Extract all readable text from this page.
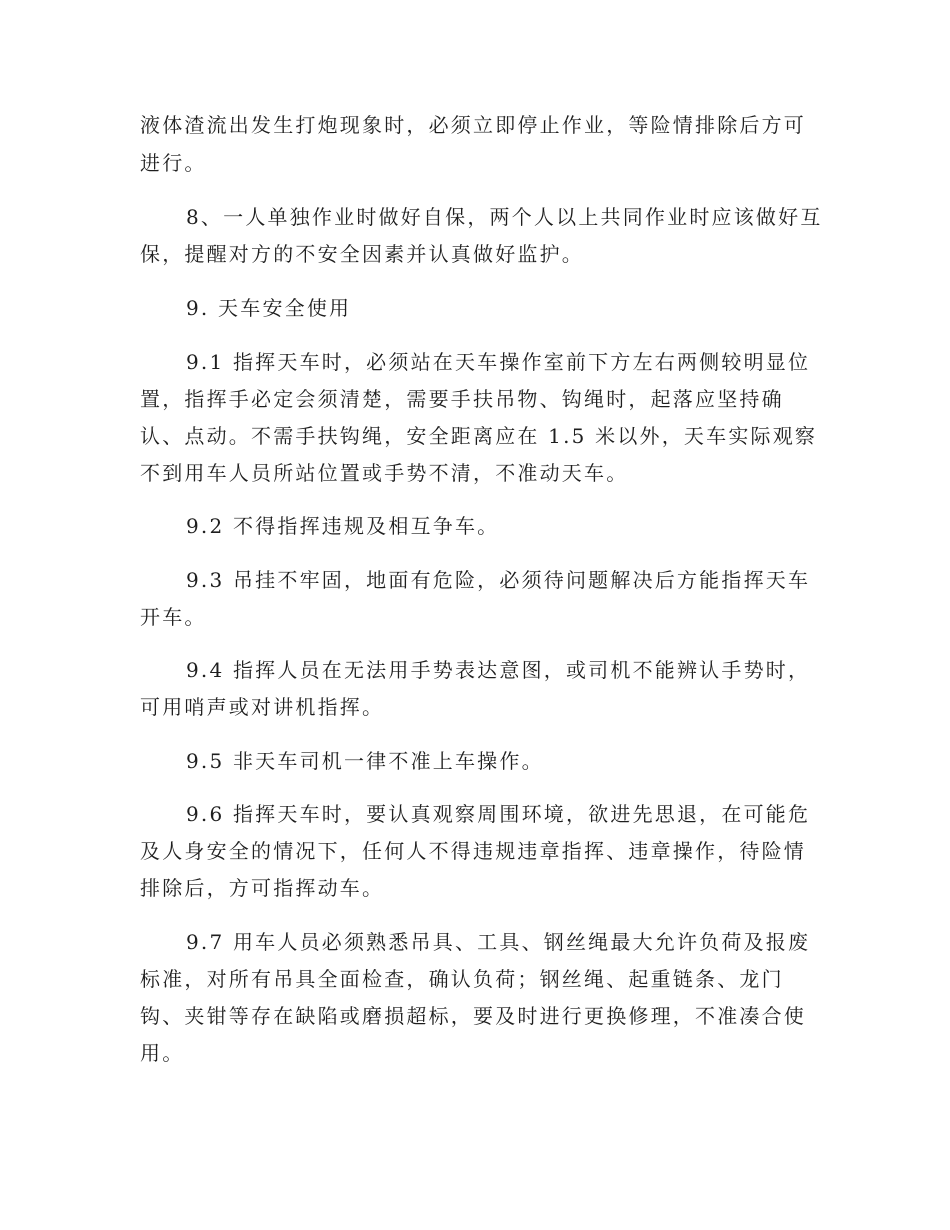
液体渣流出发生打炮现象时，必须立即停止作业，等险情排除后方可

进行。

8、一人单独作业时做好自保，两个人以上共同作业时应该做好互

保，提醒对方的不安全因素并认真做好监护。

9. 天车安全使用

9.1 指挥天车时，必须站在天车操作室前下方左右两侧较明显位

置，指挥手必定会须清楚，需要手扶吊物、钩绳时，起落应坚持确

认、点动。不需手扶钩绳，安全距离应在 1.5 米以外，天车实际观察

不到用车人员所站位置或手势不清，不准动天车。

9.2 不得指挥违规及相互争车。

9.3 吊挂不牢固，地面有危险，必须待问题解决后方能指挥天车

开车。

9.4 指挥人员在无法用手势表达意图，或司机不能辨认手势时，

可用哨声或对讲机指挥。

9.5 非天车司机一律不准上车操作。

9.6 指挥天车时，要认真观察周围环境，欲进先思退，在可能危

及人身安全的情况下，任何人不得违规违章指挥、违章操作，待险情

排除后，方可指挥动车。

9.7 用车人员必须熟悉吊具、工具、钢丝绳最大允许负荷及报废

标准，对所有吊具全面检查，确认负荷；钢丝绳、起重链条、龙门

钩、夹钳等存在缺陷或磨损超标，要及时进行更换修理，不准凑合使

用。
